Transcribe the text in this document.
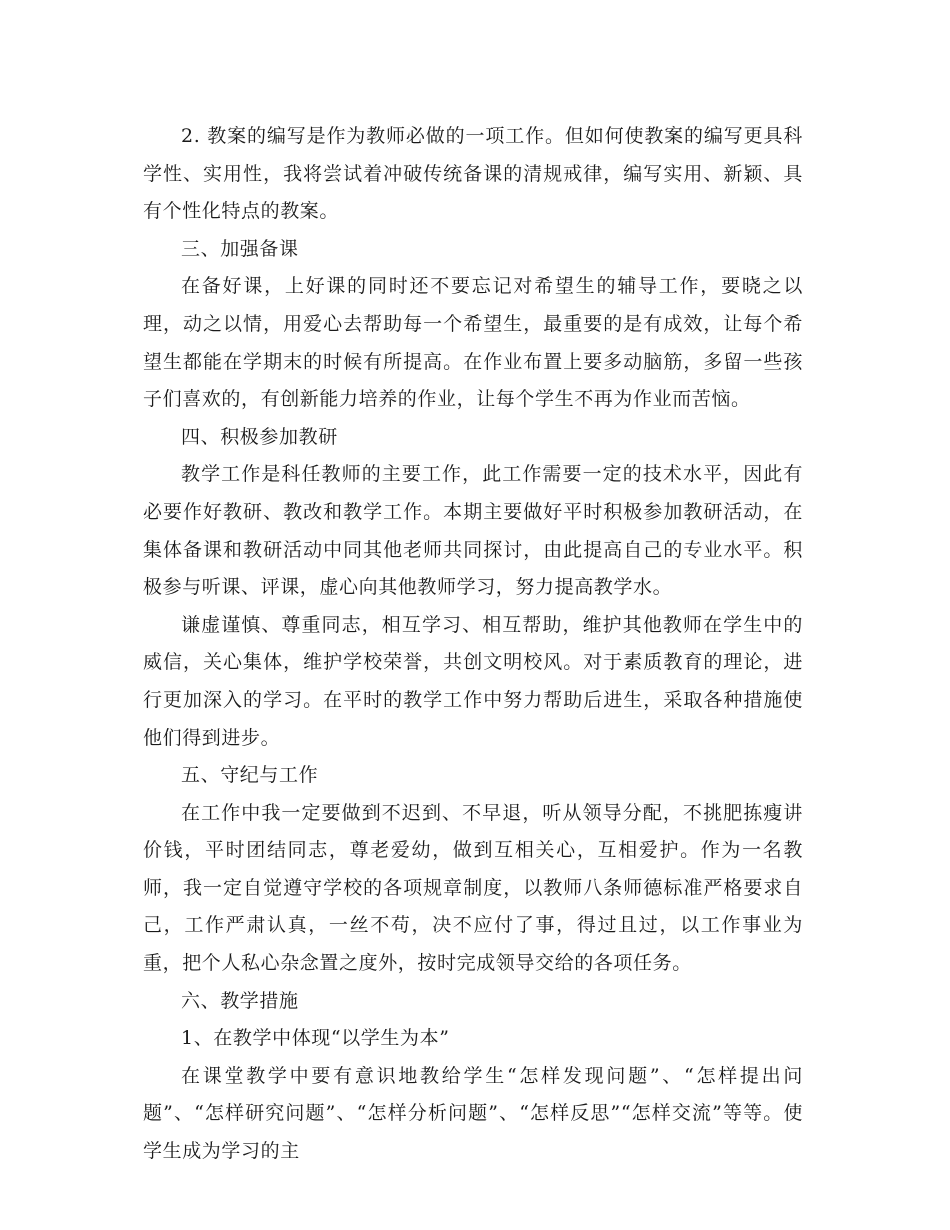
2. 教案的编写是作为教师必做的一项工作。但如何使教案的编写更具科学性、实用性，我将尝试着冲破传统备课的清规戒律，编写实用、新颖、具有个性化特点的教案。

三、加强备课

在备好课，上好课的同时还不要忘记对希望生的辅导工作，要晓之以理，动之以情，用爱心去帮助每一个希望生，最重要的是有成效，让每个希望生都能在学期末的时候有所提高。在作业布置上要多动脑筋，多留一些孩子们喜欢的，有创新能力培养的作业，让每个学生不再为作业而苦恼。

四、积极参加教研

教学工作是科任教师的主要工作，此工作需要一定的技术水平，因此有必要作好教研、教改和教学工作。本期主要做好平时积极参加教研活动，在集体备课和教研活动中同其他老师共同探讨，由此提高自己的专业水平。积极参与听课、评课，虚心向其他教师学习，努力提高教学水。

谦虚谨慎、尊重同志，相互学习、相互帮助，维护其他教师在学生中的威信，关心集体，维护学校荣誉，共创文明校风。对于素质教育的理论，进行更加深入的学习。在平时的教学工作中努力帮助后进生，采取各种措施使他们得到进步。

五、守纪与工作

在工作中我一定要做到不迟到、不早退，听从领导分配，不挑肥拣瘦讲价钱，平时团结同志，尊老爱幼，做到互相关心，互相爱护。作为一名教师，我一定自觉遵守学校的各项规章制度，以教师八条师德标准严格要求自己，工作严肃认真，一丝不苟，决不应付了事，得过且过，以工作事业为重，把个人私心杂念置之度外，按时完成领导交给的各项任务。

六、教学措施

1、在教学中体现“以学生为本”

在课堂教学中要有意识地教给学生“怎样发现问题”、“怎样提出问题”、“怎样研究问题”、“怎样分析问题”、“怎样反思”“怎样交流”等等。使学生成为学习的主
